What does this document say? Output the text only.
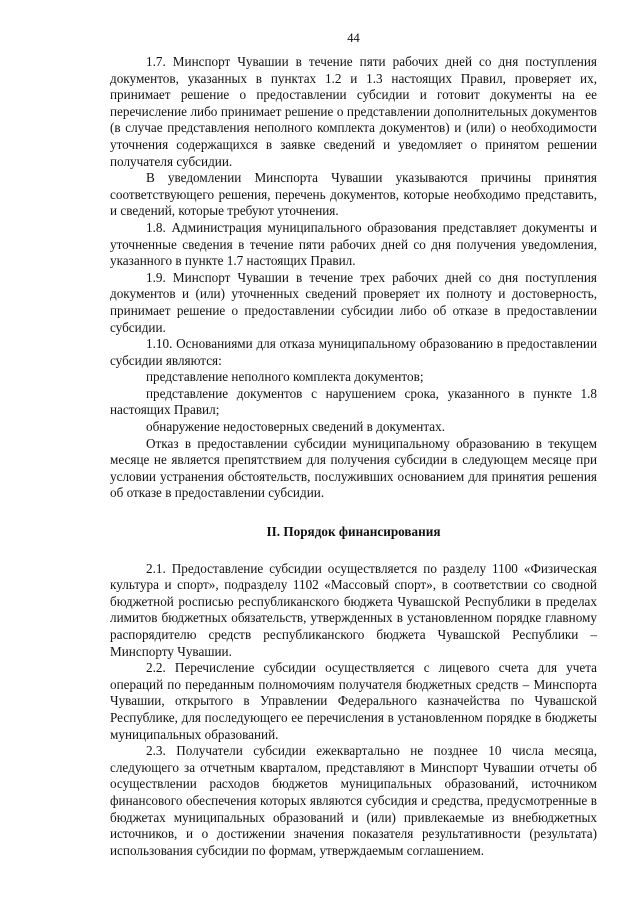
44

1.7. Минспорт Чувашии в течение пяти рабочих дней со дня поступления документов, указанных в пунктах 1.2 и 1.3 настоящих Правил, проверяет их, принимает решение о предоставлении субсидии и готовит документы на ее перечисление либо принимает решение о представлении дополнительных документов (в случае представления неполного комплекта документов) и (или) о необходимости уточнения содержащихся в заявке сведений и уведомляет о принятом решении получателя субсидии.

В уведомлении Минспорта Чувашии указываются причины принятия соответствующего решения, перечень документов, которые необходимо представить, и сведений, которые требуют уточнения.

1.8. Администрация муниципального образования представляет документы и уточненные сведения в течение пяти рабочих дней со дня получения уведомления, указанного в пункте 1.7 настоящих Правил.

1.9. Минспорт Чувашии в течение трех рабочих дней со дня поступления документов и (или) уточненных сведений проверяет их полноту и достоверность, принимает решение о предоставлении субсидии либо об отказе в предоставлении субсидии.

1.10. Основаниями для отказа муниципальному образованию в предоставлении субсидии являются:

представление неполного комплекта документов;

представление документов с нарушением срока, указанного в пункте 1.8 настоящих Правил;

обнаружение недостоверных сведений в документах.

Отказ в предоставлении субсидии муниципальному образованию в текущем месяце не является препятствием для получения субсидии в следующем месяце при условии устранения обстоятельств, послуживших основанием для принятия решения об отказе в предоставлении субсидии.

II. Порядок финансирования

2.1. Предоставление субсидии осуществляется по разделу 1100 «Физическая культура и спорт», подразделу 1102 «Массовый спорт», в соответствии со сводной бюджетной росписью республиканского бюджета Чувашской Республики в пределах лимитов бюджетных обязательств, утвержденных в установленном порядке главному распорядителю средств республиканского бюджета Чувашской Республики – Минспорту Чувашии.

2.2. Перечисление субсидии осуществляется с лицевого счета для учета операций по переданным полномочиям получателя бюджетных средств – Минспорта Чувашии, открытого в Управлении Федерального казначейства по Чувашской Республике, для последующего ее перечисления в установленном порядке в бюджеты муниципальных образований.

2.3. Получатели субсидии ежеквартально не позднее 10 числа месяца, следующего за отчетным кварталом, представляют в Минспорт Чувашии отчеты об осуществлении расходов бюджетов муниципальных образований, источником финансового обеспечения которых являются субсидия и средства, предусмотренные в бюджетах муниципальных образований и (или) привлекаемые из внебюджетных источников, и о достижении значения показателя результативности (результата) использования субсидии по формам, утверждаемым соглашением.
